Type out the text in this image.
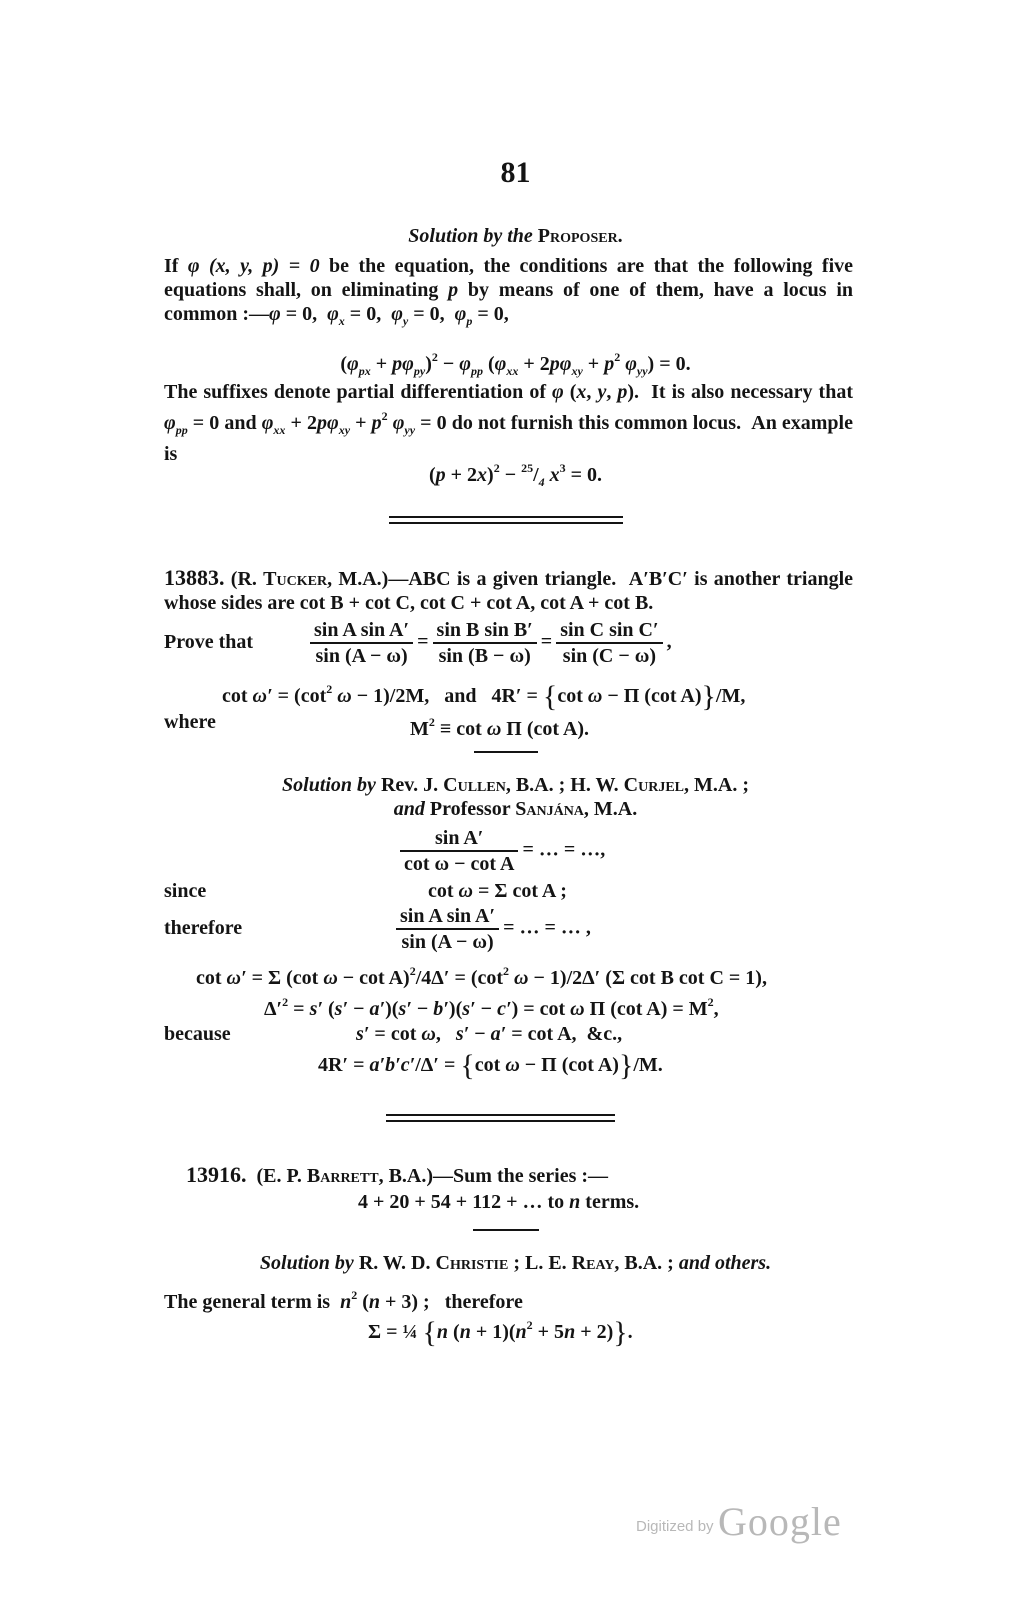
81
Solution by the Proposer.
If φ (x, y, p) = 0 be the equation, the conditions are that the following five equations shall, on eliminating p by means of one of them, have a locus in common :—φ = 0,  $\varphi_x = 0$,  $\varphi_y = 0$,  $\varphi_p = 0$,
$(\varphi_{px} + p\varphi_{py})^2 - \varphi_{pp}$ ($\varphi_{xx} + 2p\varphi_{xy} + p^2$ $\varphi_{yy}) = 0$.
The suffixes denote partial differentiation of φ (x, y, p).  It is also necessary that $\varphi_{pp} = 0$ and $\varphi_{xx} + 2p\varphi_{xy} + p^2$ $\varphi_{yy} = 0$ do not furnish this common locus.  An example is
$(p + 2x)^2 - ^{25}/_4$ $x^3 = 0$.
13883. (R. Tucker, M.A.)—ABC is a given triangle.  A′B′C′ is another triangle whose sides are cot B + cot C, cot C + cot A, cot A + cot B.
Prove that	$\frac{\text{sin A sin A′}}{\sin (A - \omega)} = \frac{\text{sin B sin B′}}{\sin (B - \omega)} = \frac{\text{sin C sin C′}}{\sin (C - \omega)}$ ,
$\cot \omega' = (\cot^2$ ω − 1)/2M,   and   4R′ = {cot ω − Π (cot A)}/M,
where	$M^2 \equiv \cot \omega$ Π (cot A).
Solution by Rev. J. Cullen, B.A. ; H. W. Curjel, M.A. ;
and Professor Sanjána, M.A.
$\frac{\text{sin A′}}{\text{cot ω − cot A}}$ = … = …,
since	cot ω = Σ cot A ;
therefore	$\frac{\text{sin A sin A′}}{\sin (A - \omega)}$ = … = … ,
cot ω′ = Σ (cot $\omega - \cot A)^2/4\Delta' = (\cot^2$ ω − 1)/2Δ′ (Σ cot B cot C = 1),
$\Delta'^2 = s'$ (s′ − a′)(s′ − b′)(s′ − c′) = cot ω Π (cot $A) = M^2$,
because	s′ = cot ω,   s′ − a′ = cot A,  &c.,
4R′ = a′b′c′/Δ′ = {cot ω − Π (cot A)}/M.
13916.  (E. P. Barrett, B.A.)—Sum the series :—
4 + 20 + 54 + 112 + … to n terms.
Solution by R. W. D. Christie ; L. E. Reay, B.A. ; and others.
The general term is $n^2$ (n + 3) ;   therefore
Σ = ¼ {n $(n + 1)(n^2 + 5n + 2)$}.
Digitized by Google
